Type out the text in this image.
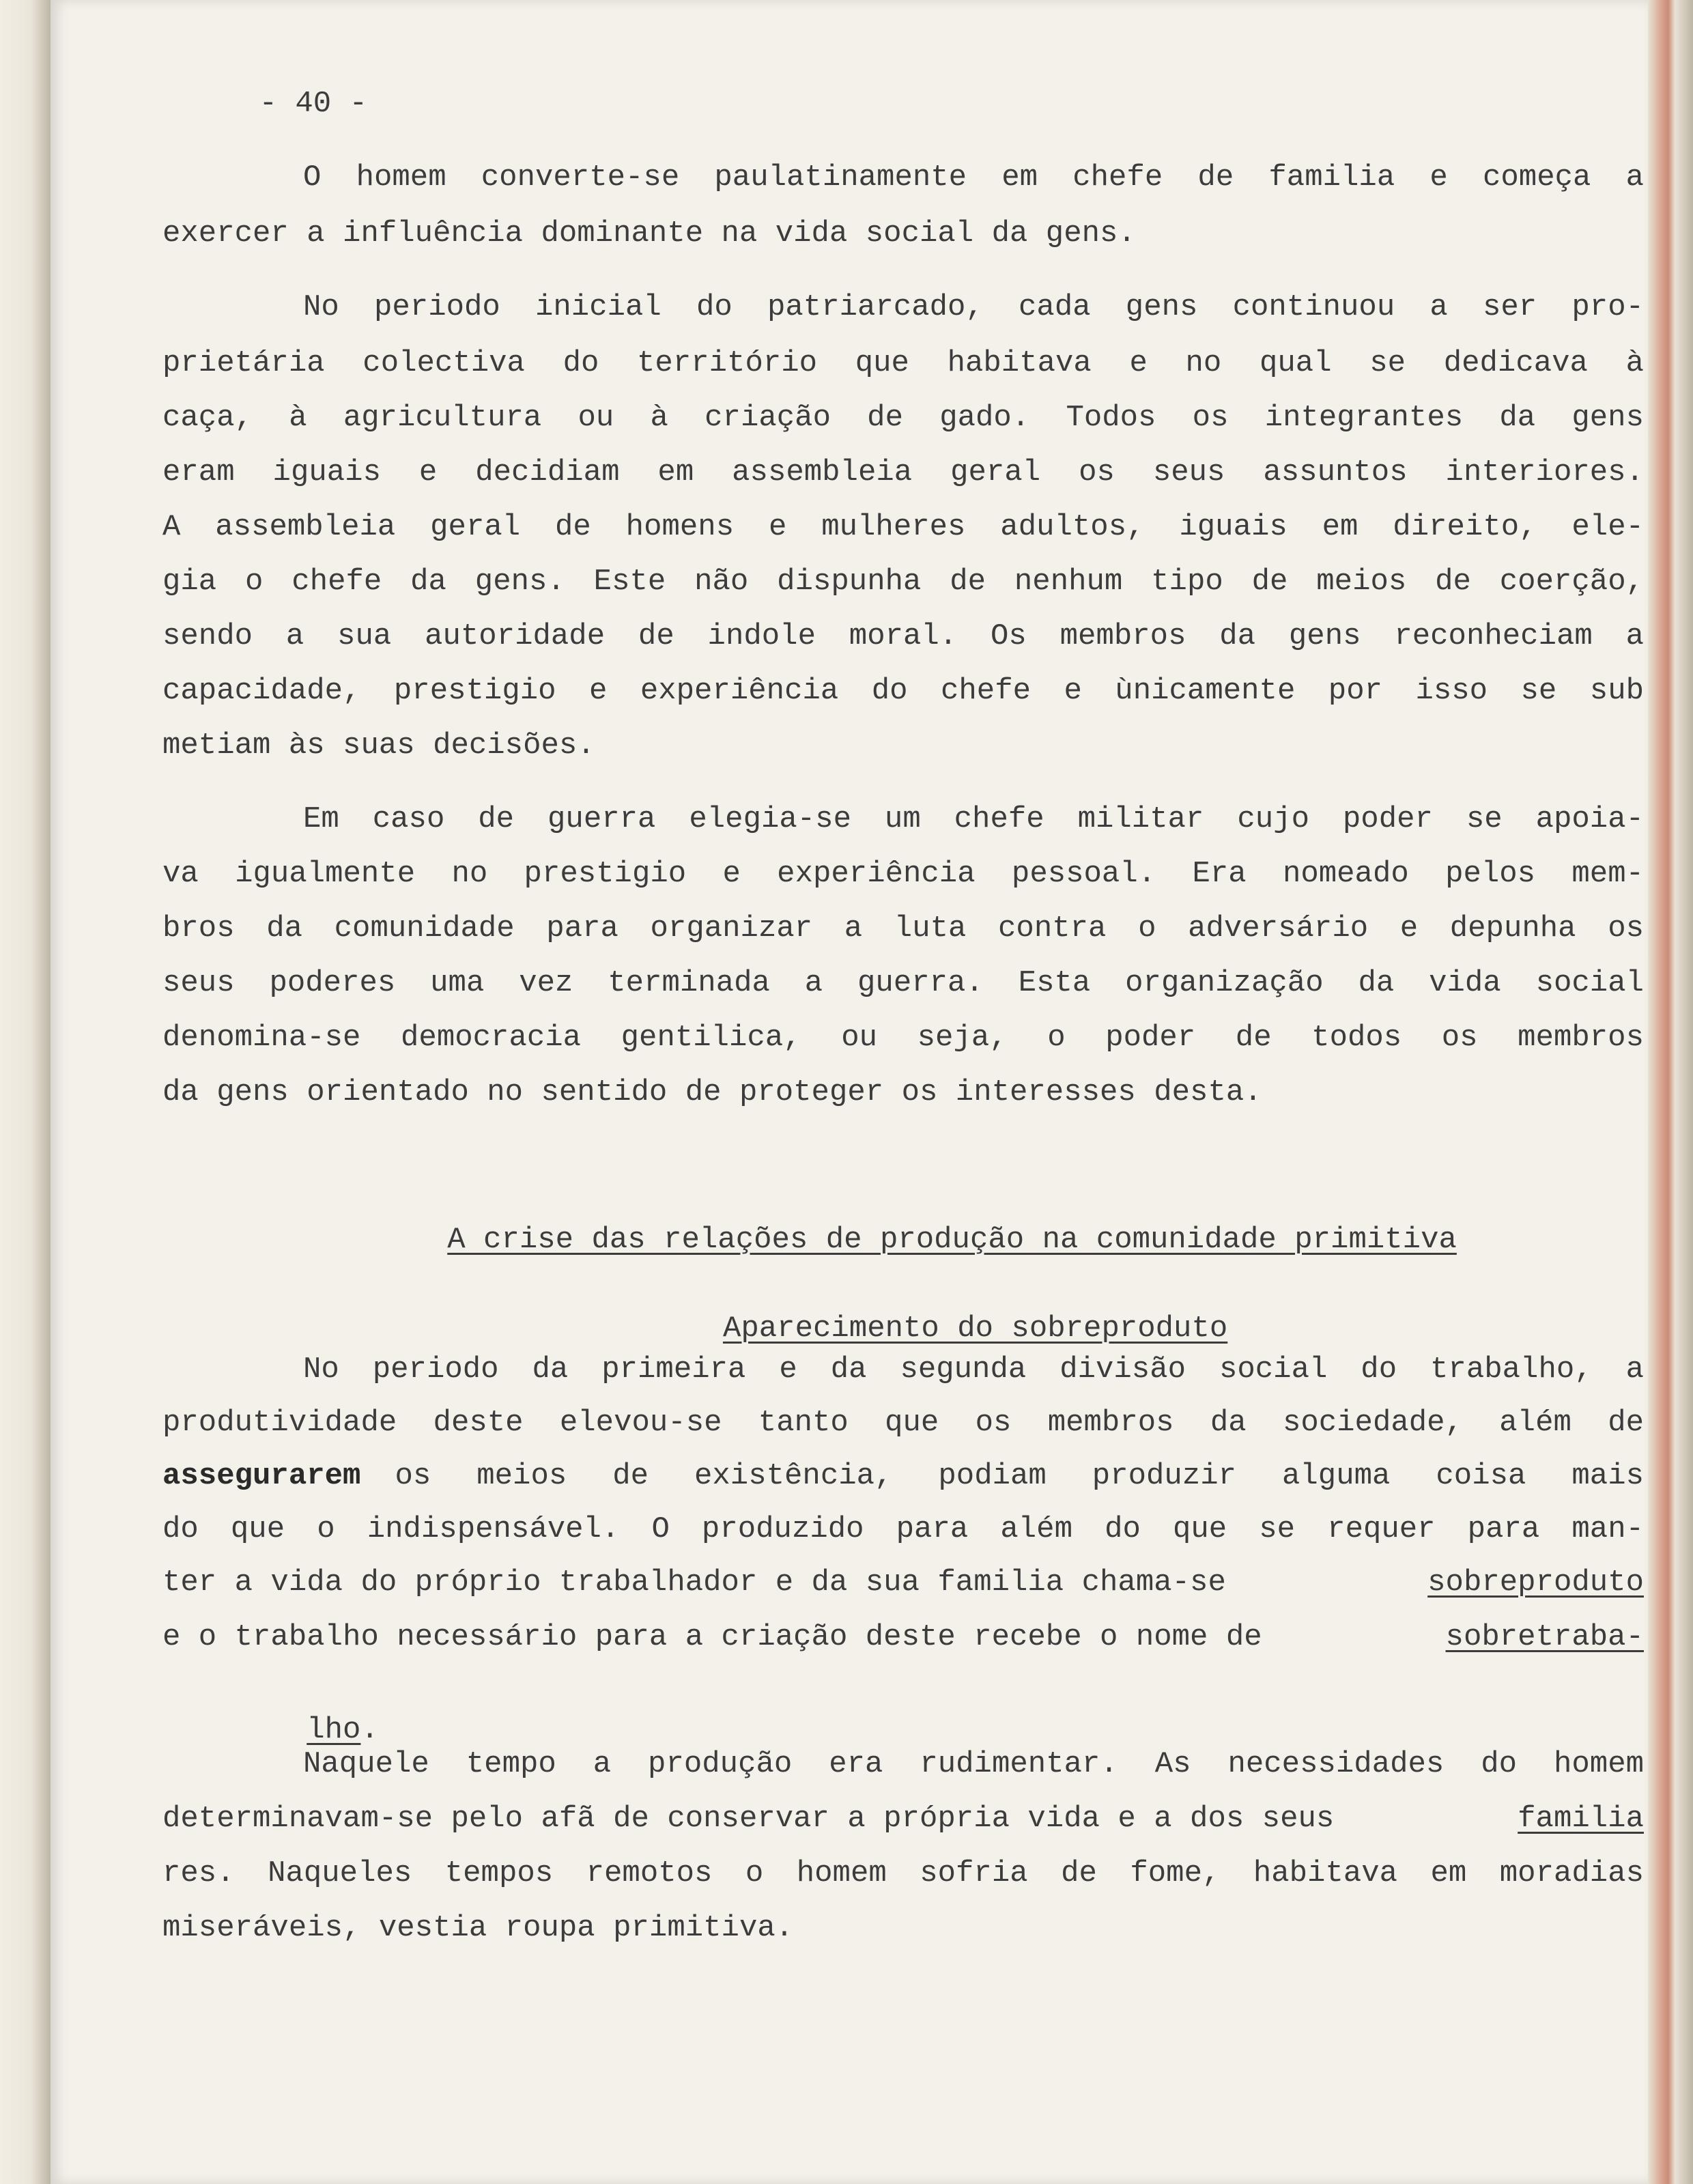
- 40 -
O homem converte-se paulatinamente em chefe de familia e começa a
exercer a influência dominante na vida social da gens.
No periodo inicial do patriarcado, cada gens continuou a ser pro-
prietária colectiva do território que habitava e no qual se dedicava à
caça, à agricultura ou à criação de gado. Todos os integrantes da gens
eram iguais e decidiam em assembleia geral os seus assuntos interiores.
A assembleia geral de homens e mulheres adultos, iguais em direito, ele-
gia o chefe da gens. Este não dispunha de nenhum tipo de meios de coerção,
sendo a sua autoridade de indole moral. Os membros da gens reconheciam a
capacidade, prestigio e experiência do chefe e ùnicamente por isso se sub
metiam às suas decisões.
Em caso de guerra elegia-se um chefe militar cujo poder se apoia-
va igualmente no prestigio e experiência pessoal. Era nomeado pelos mem-
bros da comunidade para organizar a luta contra o adversário e depunha os
seus poderes uma vez terminada a guerra. Esta organização da vida social
denomina-se democracia gentilica, ou seja, o poder de todos os membros
da gens orientado no sentido de proteger os interesses desta.

A crise das relações de produção na comunidade primitiva

Aparecimento do sobreproduto

No periodo da primeira e da segunda divisão social do trabalho, a
produtividade deste elevou-se tanto que os membros da sociedade, além de
assegurarem os meios de existência, podiam produzir alguma coisa mais
do que o indispensável. O produzido para além do que se requer para man-
ter a vida do próprio trabalhador e da sua familia chama-se	sobreproduto
e o trabalho necessário para a criação deste recebe o nome de	sobretraba-

lho.

Naquele tempo a produção era rudimentar. As necessidades do homem
determinavam-se pelo afã de conservar a própria vida e a dos seus	familia
res. Naqueles tempos remotos o homem sofria de fome, habitava em moradias
miseráveis, vestia roupa primitiva.
